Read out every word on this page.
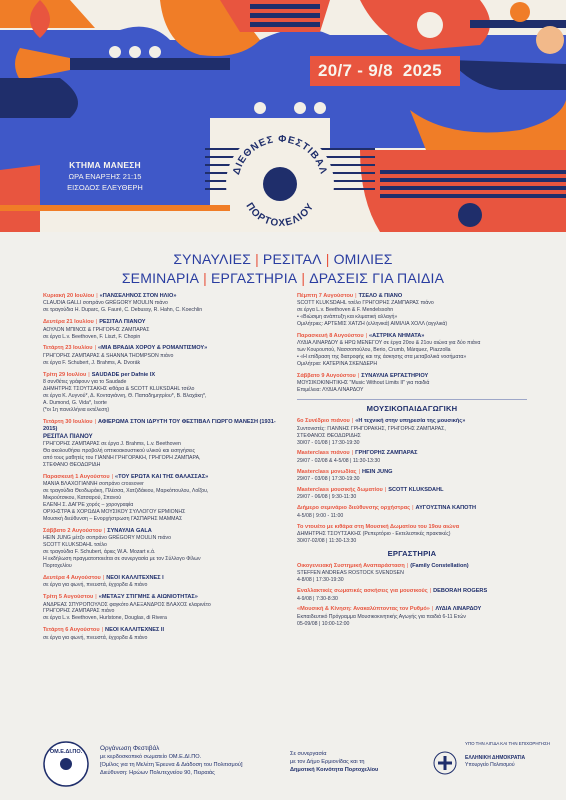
20/7 - 9/8 2025
ΚΤΗΜΑ ΜΑΝΕΣΗ
ΩΡΑ ΕΝΑΡΞΗΣ 21:15
ΕΙΣΟΔΟΣ ΕΛΕΥΘΕΡΗ
ΔΙΕΘΝΕΣ ΦΕΣΤΙΒΑΛ
ΠΟΡΤΟΧΕΛΙΟΥ
ΣΥΝΑΥΛΙΕΣ | ΡΕΣΙΤΑΛ | ΟΜΙΛΙΕΣ
ΣΕΜΙΝΑΡΙΑ | ΕΡΓΑΣΤΗΡΙΑ | ΔΡΑΣΕΙΣ ΓΙΑ ΠΑΙΔΙΑ
Κυριακή 20 Ιουλίου | «ΠΑΝΣΕΛΗΝΟΣ ΣΤΟΝ ΗΛΙΟ»
CLAUDIA GALLI σοπράνο GRÉGORY MOULIN πιάνο
σε τραγούδια H. Duparc, G. Fauré, C. Debussy, R. Hahn, C. Koechlin
Δευτέρα 21 Ιουλίου | ΡΕΣΙΤΑΛ ΠΙΑΝΟΥ
ΑΟΥΛΟΝ ΜΠΙΝΟΣ & ΓΡΗΓΟΡΗΣ ΖΑΜΠΑΡΑΣ
σε έργα L.v. Beethoven, F. Liszt, F. Chopin
Τετάρτη 23 Ιουλίου | «ΜΙΑ ΒΡΑΔΙΑ ΧΟΡΟΥ & ΡΟΜΑΝΤΙΣΜΟΥ»
ΓΡΗΓΟΡΗΣ ΖΑΜΠΑΡΑΣ & SHANNA THOMPSON πιάνο
σε έργα F. Schubert, J. Brahms, A. Dvorák
Τρίτη 29 Ιουλίου | SAUDADE per Dafnie IX
8 συνθέτες γράφουν για το Saudade
ΔΗΜΗΤΡΗΣ ΤΣΟΥΤΣΑΚΗΣ κιθάρα & SCOTT KLUKSDAHL τσέλο
σε έργα Κ. Λυγνού*, Δ. Κονταγιάννη, Θ. Παπαδημητρίου*, Β. Βλαχάκη*,
A. Dumond, G. Vida*, Isorte
(*οι 1η πανελλήνια εκτέλεση)
Τετάρτη 30 Ιουλίου | ΑΦΙΕΡΩΜΑ ΣΤΟΝ ΙΔΡΥΤΗ ΤΟΥ ΦΕΣΤΙΒΑΛ ΓΙΩΡΓΟ ΜΑΝΕΣΗ (1931-2015)
ΡΕΣΙΤΑΛ ΠΙΑΝΟΥ
ΓΡΗΓΟΡΗΣ ΖΑΜΠΑΡΑΣ σε έργα J. Brahms, L.v. Beethoven
Θα ακολουθήσει προβολή οπτικοακουστικού υλικού και εισηγήσεις
από τους μαθητές του ΓΙΑΝΝΗ ΓΡΗΓΟΡΑΚΗ, ΓΡΗΓΟΡΗ ΖΑΜΠΑΡΑ,
ΣΤΕΦΑΝΟ ΘΕΟΔΩΡΙΔΗ
Παρασκευή 1 Αυγούστου | «ΤΟΥ ΕΡΩΤΑ ΚΑΙ ΤΗΣ ΘΑΛΑΣΣΑΣ»
ΜΑΝΙΑ ΒΛΑΧΟΓΙΑΝΝΗ σοπράνο crossover
σε τραγούδια Θεοδωράκη, Πλέσσα, Χατζιδάκιου, Μαρκόπουλου, Λοΐζου,
Μικρούτσικου, Κατσαρού, Σπανού
ΕΛΕΝΗ Σ. ΔΑΓΡΕ χορός – χορογραφία
ΟΡΧΗΣΤΡΑ & ΧΟΡΩΔΙΑ ΜΟΥΣΙΚΟΥ ΣΥΛΛΟΓΟΥ ΕΡΜΙΟΝΗΣ
Μουσική διεύθυνση – Ενορχήστρωση ΓΑΣΠΑΡΗΣ ΜΑΜΜΑΣ
Σάββατο 2 Αυγούστου | ΣΥΝΑΥΛΙΑ GALA
HEIN JUNG μέτζο σοπράνο GRÉGORY MOULIN πιάνο
SCOTT KLUKSDAHL τσέλο
σε τραγούδια F. Schubert, άριες W.A. Mozart κ.ά.
Η εκδήλωση πραγματοποιείται σε συνεργασία με τον Σύλλογο Φίλων
Πορτοχελίου
Δευτέρα 4 Αυγούστου | ΝΕΟΙ ΚΑΛΛΙΤΕΧΝΕΣ Ι
σε έργα για φωνή, πνευστά, έγχορδα & πιάνο
Τρίτη 5 Αυγούστου | «ΜΕΤΑΞΥ ΣΤΙΓΜΗΣ & ΑΙΩΝΙΟΤΗΤΑΣ»
ΑΝΔΡΕΑΣ ΣΠΥΡΟΠΟΥΛΟΣ φαγκότο ΑΛΕΞΑΝΔΡΟΣ ΒΛΑΧΟΣ κλαρινέτο
ΓΡΗΓΟΡΗΣ ΖΑΜΠΑΡΑΣ πιάνο
σε έργα L.v. Beethoven, Hurlstone, Douglas, di Rivera
Τετάρτη 6 Αυγούστου | ΝΕΟΙ ΚΑΛΛΙΤΕΧΝΕΣ ΙΙ
σε έργα για φωνή, πνευστά, έγχορδα & πιάνο
Πέμπτη 7 Αυγούστου | ΤΣΕΛΟ & ΠΙΑΝΟ
SCOTT KLUKSDAHL τσέλο ΓΡΗΓΟΡΗΣ ΖΑΜΠΑΡΑΣ πιάνο
σε έργα L.v. Beethoven & F. Mendelssohn
• «Βιώσιμη ανάπτυξη και κλιματική αλλαγή»
Ομιλήτριες: ΑΡΤΕΜΙΣ ΧΑΤΖΗ (ελληνικά) ΑΙΜΙΛΙΑ ΧΟΛΛ (αγγλικά)
Παρασκευή 8 Αυγούστου | «ΑΣΤΡΙΚΑ ΝΗΜΑΤΑ»
ΛΥΔΙΑ ΛΙΝΑΡΔΟΥ & ΗΡΩ ΜΕΝΕΓΟΥ σε έργα 20ου & 21ου αιώνα για δύο πιάνα
των Κουρουπού, Νασσοπούλου, Berio, Crumb, Márquez, Piazzolla
• «Η επίδραση της διατροφής και της άσκησης στα μεταβολικά νοσήματα»
Ομιλήτρια: ΚΑΤΕΡΙΝΑ ΣΚΕΝΔΕΡΗ
Σάββατο 9 Αυγούστου | ΣΥΝΑΥΛΙΑ ΕΡΓΑΣΤΗΡΙΟΥ
ΜΟΥΣΙΚΟΚΙΝΗΤΙΚΗΣ "Music Without Limits II" για παιδιά
Επιμέλεια: ΛΥΔΙΑ ΛΙΝΑΡΔΟΥ
ΜΟΥΣΙΚΟΠΑΙΔΑΓΩΓΙΚΗ
6ο Συνέδριο πιάνου | «Η τεχνική στην υπηρεσία της μουσικής»
Συντονιστές: ΓΙΑΝΝΗΣ ΓΡΗΓΟΡΑΚΗΣ, ΓΡΗΓΟΡΗΣ ΖΑΜΠΑΡΑΣ,
ΣΤΕΦΑΝΟΣ ΘΕΟΔΩΡΙΔΗΣ
30/07 - 01/08 | 17:30-19:30
Masterclass πιάνου | ΓΡΗΓΟΡΗΣ ΖΑΜΠΑΡΑΣ
29/07 - 02/08 & 4-5/08 | 11:30-13:30
Masterclass μονωδίας | HEIN JUNG
29/07 - 03/08 | 17:30-19:30
Masterclass μουσικής δωματίου | SCOTT KLUKSDAHL
29/07 - 06/08 | 9:30-11:30
Διήμερο σεμινάριο διεύθυνσης ορχήστρας | ΑΥΓΟΥΣΤΙΝΑ ΚΑΠΟΤΗ
4-5/08 | 9:00 - 11:00
Το ντουέτο με κιθάρα στη Μουσική Δωματίου του 19ου αιώνα
ΔΗΜΗΤΡΗΣ ΤΣΟΥΤΣΑΚΗΣ (Ρεπερτόριο - Εκτελεστικές πρακτικές)
30/07-02/08 | 11:30-13:30
ΕΡΓΑΣΤΗΡΙΑ
Οικογενειακή Συστημική Αναπαράσταση | (Family Constellation)
STEFFEN ANDREAS ROSTOCK SVENDSEN
4-8/08 | 17:30-19:30
Εναλλακτικές σωματικές ασκήσεις για μουσικούς | DEBORAH ROGERS
4-9/08 | 7:30-8:30
«Μουσική & Κίνηση: Ανακαλύπτοντας τον Ρυθμό» | ΛΥΔΙΑ ΛΙΝΑΡΔΟΥ
Εκπαιδευτικό Πρόγραμμα Μουσικοκινητικής Αγωγής για παιδιά 6-11 Ετών
05-09/08 | 10:00-12:00
ΟΜ.Ε.ΔΙ.ΠΟ.	Οργάνωση Φεστιβάλ
με κερδοσκοπικό σωματείο ΟΜ.Ε.ΔΙ.ΠΟ.
[Ομίλος για τη Μελέτη Έρευνα & Διάδοση του Πολιτισμού]
Διεύθυνση: Ηρώων Πολυτεχνείου 90, Πειραιάς
Σε συνεργασία
με τον Δήμο Ερμιονίδας και τη
Δημοτική Κοινότητα Πορτοχελίου
ΥΠΟ ΤΗΝ ΑΙΓΙΔΑ ΚΑΙ ΤΗΝ ΕΠΙΧΟΡΗΓΗΣΗ
ΕΛΛΗΝΙΚΗ ΔΗΜΟΚΡΑΤΙΑ
Υπουργείο Πολιτισμού
